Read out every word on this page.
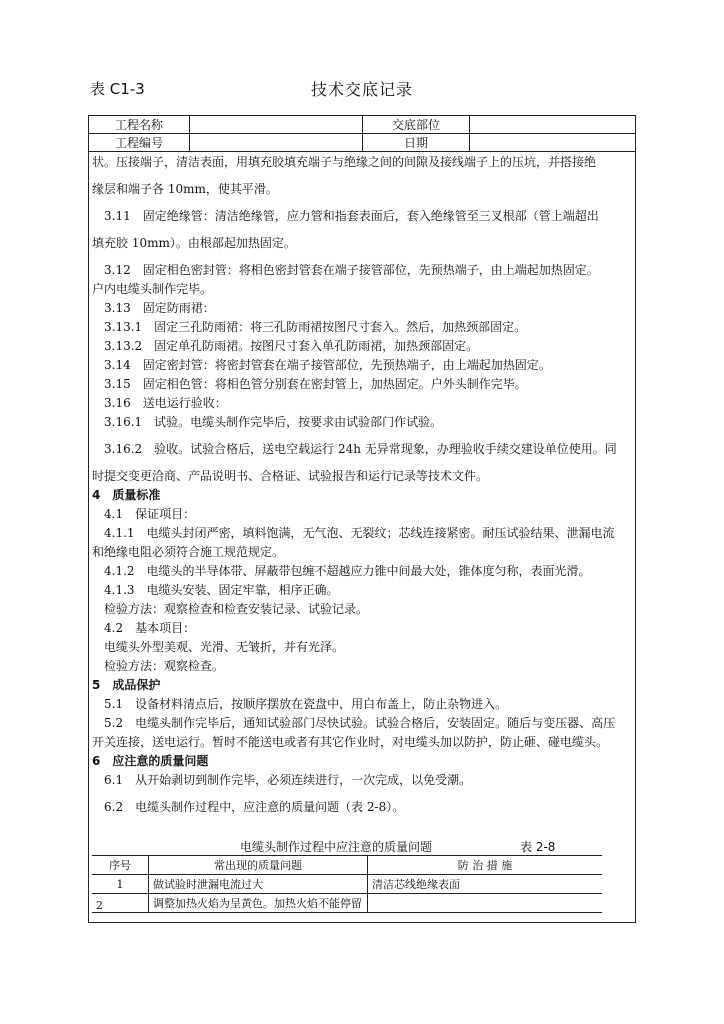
表 C1-3	技术交底记录
工程名称		交底部位	
工程编号		日期	

状。压接端子，清洁表面，用填充胶填充端子与绝缘之间的间隙及接线端子上的压坑，并搭接绝

缘层和端子各 10mm，使其平滑。

3.11　固定绝缘管：清洁绝缘管，应力管和指套表面后，套入绝缘管至三叉根部（管上端超出

填充胶 10mm）。由根部起加热固定。

3.12　固定相色密封管：将相色密封管套在端子接管部位，先预热端子，由上端起加热固定。

户内电缆头制作完毕。

3.13　固定防雨裙：

3.13.1　固定三孔防雨裙：将三孔防雨裙按图尺寸套入。然后，加热颈部固定。

3.13.2　固定单孔防雨裙。按图尺寸套入单孔防雨裙，加热颈部固定。

3.14　固定密封管：将密封管套在端子接管部位，先预热端子，由上端起加热固定。

3.15　固定相色管：将相色管分别套在密封管上，加热固定。户外头制作完毕。

3.16　送电运行验收：

3.16.1　试验。电缆头制作完毕后，按要求由试验部门作试验。

3.16.2　验收。试验合格后，送电空载运行 24h 无异常现象，办理验收手续交建设单位使用。同

时提交变更洽商、产品说明书、合格证、试验报告和运行记录等技术文件。

4　质量标准

4.1　保证项目：

4.1.1　电缆头封闭严密，填料饱满，无气泡、无裂纹；芯线连接紧密。耐压试验结果、泄漏电流

和绝缘电阻必须符合施工规范规定。

4.1.2　电缆头的半导体带、屏蔽带包缠不超越应力锥中间最大处，锥体度匀称，表面光滑。

4.1.3　电缆头安装、固定牢靠，相序正确。

检验方法：观察检查和检查安装记录、试验记录。

4.2　基本项目：

电缆头外型美观、光滑、无皱折，并有光泽。

检验方法：观察检查。

5　成品保护

5.1　设备材料清点后，按顺序摆放在瓷盘中，用白布盖上，防止杂物进入。

5.2　电缆头制作完毕后，通知试验部门尽快试验。试验合格后，安装固定。随后与变压器、高压

开关连接，送电运行。暂时不能送电或者有其它作业时，对电缆头加以防护，防止砸、碰电缆头。

6　应注意的质量问题

6.1　从开始剥切到制作完毕，必须连续进行，一次完成，以免受潮。

6.2　电缆头制作过程中，应注意的质量问题（表 2-8）。

电缆头制作过程中应注意的质量问题	表 2-8
序号	常出现的质量问题	防 治 措 施
1	做试验时泄漏电流过大	清洁芯线绝缘表面
2	调整加热火焰为呈黄色。加热火焰不能停留	
